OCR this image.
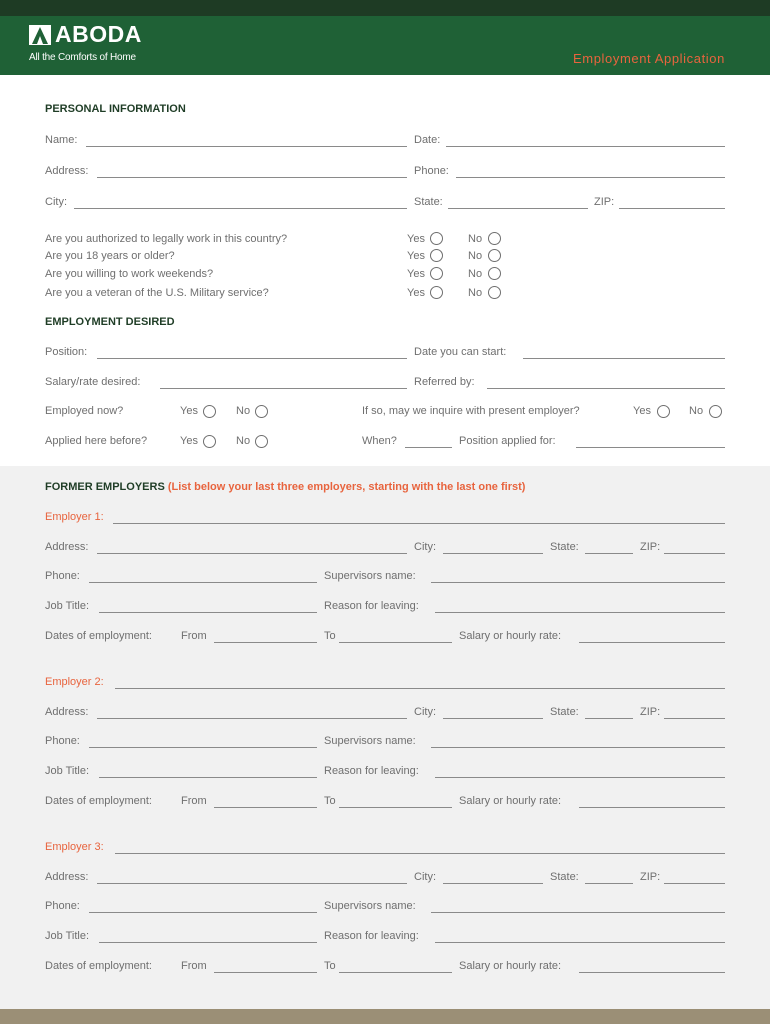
ABODA
All the Comforts of Home	Employment Application
PERSONAL INFORMATION
Name:	Date:
Address:	Phone:
City:	State:	ZIP:
Are you authorized to legally work in this country?	Yes	No
Are you 18 years or older?	Yes	No
Are you willing to work weekends?	Yes	No
Are you a veteran of the U.S. Military service?	Yes	No
EMPLOYMENT DESIRED
Position:	Date you can start:
Salary/rate desired:	Referred by:
Employed now?	Yes	No	If so, may we inquire with present employer?	Yes	No
Applied here before?	Yes	No	When?	Position applied for:
FORMER EMPLOYERS (List below your last three employers, starting with the last one first)
Employer 1:
Address:	City:	State:	ZIP:
Phone:	Supervisors name:
Job Title:	Reason for leaving:
Dates of employment:	From	To	Salary or hourly rate:
Employer 2:
Address:	City:	State:	ZIP:
Phone:	Supervisors name:
Job Title:	Reason for leaving:
Dates of employment:	From	To	Salary or hourly rate:
Employer 3:
Address:	City:	State:	ZIP:
Phone:	Supervisors name:
Job Title:	Reason for leaving:
Dates of employment:	From	To	Salary or hourly rate:
